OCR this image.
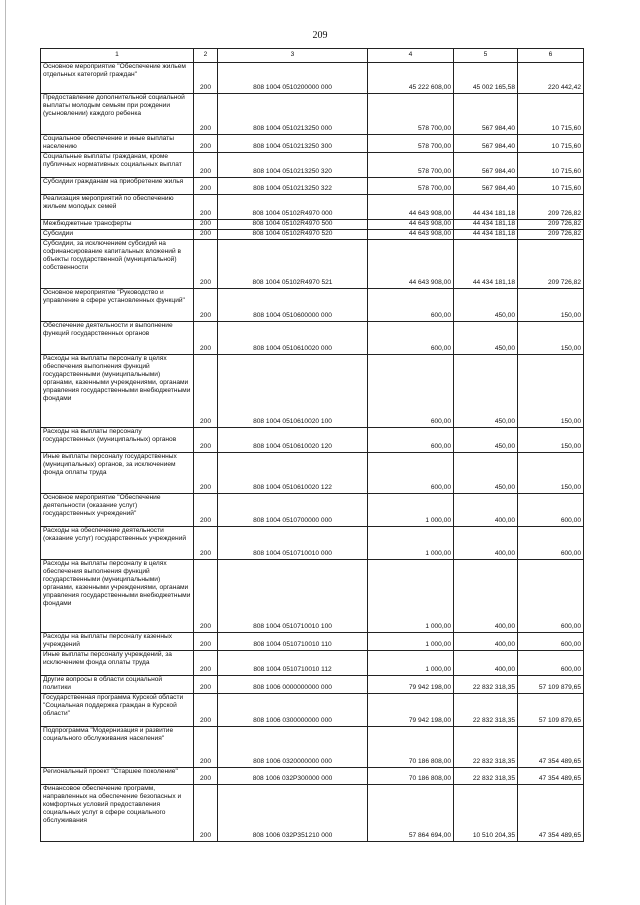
209
1	2	3	4	5	6
Основное мероприятие "Обеспечение жильем отдельных категорий граждан"	200	808 1004 0510200000 000	45 222 608,00	45 002 165,58	220 442,42
Предоставление дополнительной социальной выплаты молодым семьям при рождении (усыновлении) каждого ребенка	200	808 1004 0510213250 000	578 700,00	567 984,40	10 715,60
Социальное обеспечение и иные выплаты населению	200	808 1004 0510213250 300	578 700,00	567 984,40	10 715,60
Социальные выплаты гражданам, кроме публичных нормативных социальных выплат	200	808 1004 0510213250 320	578 700,00	567 984,40	10 715,60
Субсидии гражданам на приобретение жилья	200	808 1004 0510213250 322	578 700,00	567 984,40	10 715,60
Реализация мероприятий по обеспечению жильем молодых семей	200	808 1004 05102R4970 000	44 643 908,00	44 434 181,18	209 726,82
Межбюджетные трансферты	200	808 1004 05102R4970 500	44 643 908,00	44 434 181,18	209 726,82
Субсидии	200	808 1004 05102R4970 520	44 643 908,00	44 434 181,18	209 726,82
Субсидии, за исключением субсидий на софинансирование капитальных вложений в объекты государственной (муниципальной) собственности	200	808 1004 05102R4970 521	44 643 908,00	44 434 181,18	209 726,82
Основное мероприятие "Руководство и управление в сфере установленных функций"	200	808 1004 0510600000 000	600,00	450,00	150,00
Обеспечение деятельности и выполнение функций государственных органов	200	808 1004 0510610020 000	600,00	450,00	150,00
Расходы на выплаты персоналу в целях обеспечения выполнения функций государственными (муниципальными) органами, казенными учреждениями, органами управления государственными внебюджетными фондами	200	808 1004 0510610020 100	600,00	450,00	150,00
Расходы на выплаты персоналу государственных (муниципальных) органов	200	808 1004 0510610020 120	600,00	450,00	150,00
Иные выплаты персоналу государственных (муниципальных) органов, за исключением фонда оплаты труда	200	808 1004 0510610020 122	600,00	450,00	150,00
Основное мероприятие "Обеспечение деятельности (оказание услуг) государственных учреждений"	200	808 1004 0510700000 000	1 000,00	400,00	600,00
Расходы на обеспечение деятельности (оказание услуг) государственных учреждений	200	808 1004 0510710010 000	1 000,00	400,00	600,00
Расходы на выплаты персоналу в целях обеспечения выполнения функций государственными (муниципальными) органами, казенными учреждениями, органами управления государственными внебюджетными фондами	200	808 1004 0510710010 100	1 000,00	400,00	600,00
Расходы на выплаты персоналу казенных учреждений	200	808 1004 0510710010 110	1 000,00	400,00	600,00
Иные выплаты персоналу учреждений, за исключением фонда оплаты труда	200	808 1004 0510710010 112	1 000,00	400,00	600,00
Другие вопросы в области социальной политики	200	808 1006 0000000000 000	79 942 198,00	22 832 318,35	57 109 879,65
Государственная программа Курской области "Социальная поддержка граждан в Курской области"	200	808 1006 0300000000 000	79 942 198,00	22 832 318,35	57 109 879,65
Подпрограмма "Модернизация и развитие социального обслуживания населения"	200	808 1006 0320000000 000	70 186 808,00	22 832 318,35	47 354 489,65
Региональный проект "Старшее поколение"	200	808 1006 032P300000 000	70 186 808,00	22 832 318,35	47 354 489,65
Финансовое обеспечение программ, направленных на обеспечение безопасных и комфортных условий предоставления социальных услуг в сфере социального обслуживания	200	808 1006 032P351210 000	57 864 694,00	10 510 204,35	47 354 489,65
